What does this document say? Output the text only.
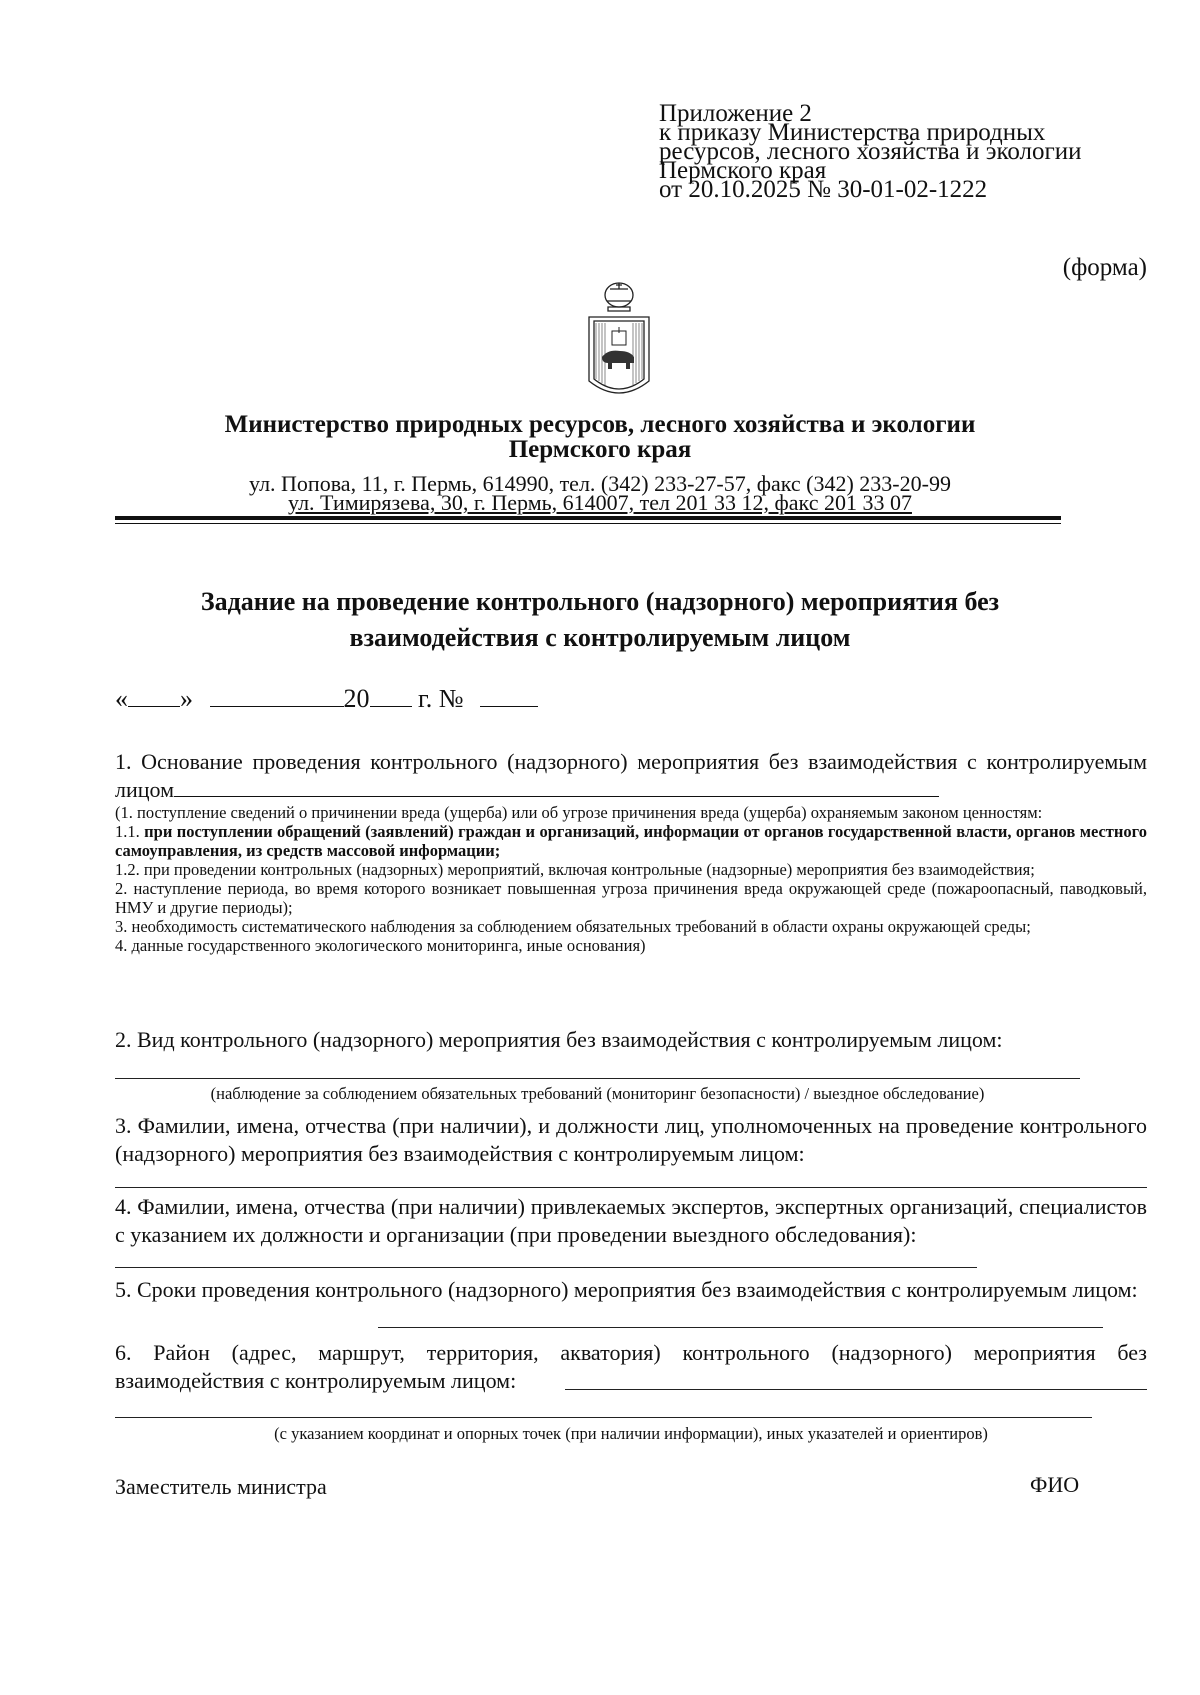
Приложение 2
к приказу Министерства природных
ресурсов, лесного хозяйства и экологии
Пермского края
от 20.10.2025 № 30-01-02-1222
(форма)
Министерство природных ресурсов, лесного хозяйства и экологии
Пермского края
ул. Попова, 11, г. Пермь, 614990, тел. (342) 233-27-57, факс (342) 233-20-99
ул. Тимирязева, 30, г. Пермь, 614007, тел 201 33 12, факс 201 33 07
Задание на проведение контрольного (надзорного) мероприятия без
взаимодействия с контролируемым лицом
« »	20 г. №
1. Основание проведения контрольного (надзорного) мероприятия без взаимодействия с контролируемым лицом

(1. поступление сведений о причинении вреда (ущерба) или об угрозе причинения вреда (ущерба) охраняемым законом ценностям:

1.1. при поступлении обращений (заявлений) граждан и организаций, информации от органов государственной власти, органов местного самоуправления, из средств массовой информации;

1.2. при проведении контрольных (надзорных) мероприятий, включая контрольные (надзорные) мероприятия без взаимодействия;

2. наступление периода, во время которого возникает повышенная угроза причинения вреда окружающей среде (пожароопасный, паводковый, НМУ и другие периоды);

3. необходимость систематического наблюдения за соблюдением обязательных требований в области охраны окружающей среды;

4. данные государственного экологического мониторинга, иные основания)

2. Вид контрольного (надзорного) мероприятия без взаимодействия с контролируемым лицом:
(наблюдение за соблюдением обязательных требований (мониторинг безопасности) / выездное обследование)
3. Фамилии, имена, отчества (при наличии), и должности лиц, уполномоченных на проведение контрольного (надзорного) мероприятия без взаимодействия с контролируемым лицом:
4. Фамилии, имена, отчества (при наличии) привлекаемых экспертов, экспертных организаций, специалистов с указанием их должности и организации (при проведении выездного обследования):
5. Сроки проведения контрольного (надзорного) мероприятия без взаимодействия с контролируемым лицом:
6. Район (адрес, маршрут, территория, акватория) контрольного (надзорного) мероприятия без взаимодействия с контролируемым лицом:
(с указанием координат и опорных точек (при наличии информации), иных указателей и ориентиров)
Заместитель министра	ФИО
